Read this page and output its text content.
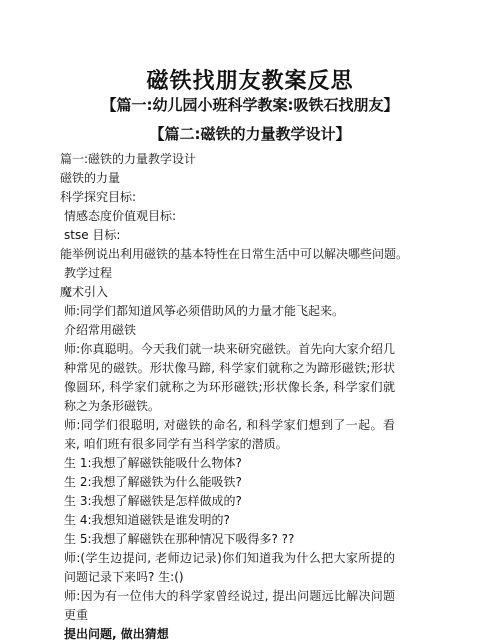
磁铁找朋友教案反思
【篇一:幼儿园小班科学教案:吸铁石找朋友】
【篇二:磁铁的力量教学设计】

篇一:磁铁的力量教学设计

磁铁的力量

科学探究目标:

情感态度价值观目标:

stse 目标:

能举例说出利用磁铁的基本特性在日常生活中可以解决哪些问题。

教学过程

魔术引入

师:同学们都知道风筝必须借助风的力量才能飞起来。

介绍常用磁铁

师:你真聪明。今天我们就一块来研究磁铁。首先向大家介绍几种常见的磁铁。形状像马蹄, 科学家们就称之为蹄形磁铁;形状像圆环, 科学家们就称之为环形磁铁;形状像长条, 科学家们就称之为条形磁铁。

师:同学们很聪明, 对磁铁的命名, 和科学家们想到了一起。看来, 咱们班有很多同学有当科学家的潜质。

生 1:我想了解磁铁能吸什么物体?

生 2:我想了解磁铁为什么能吸铁?

生 3:我想了解磁铁是怎样做成的?

生 4:我想知道磁铁是谁发明的?

生 5:我想了解磁铁在那种情况下吸得多? ??

师:(学生边提问, 老师边记录)你们知道我为什么把大家所提的问题记录下来吗? 生:()

师:因为有一位伟大的科学家曾经说过, 提出问题远比解决问题更重

提出问题, 做出猜想
